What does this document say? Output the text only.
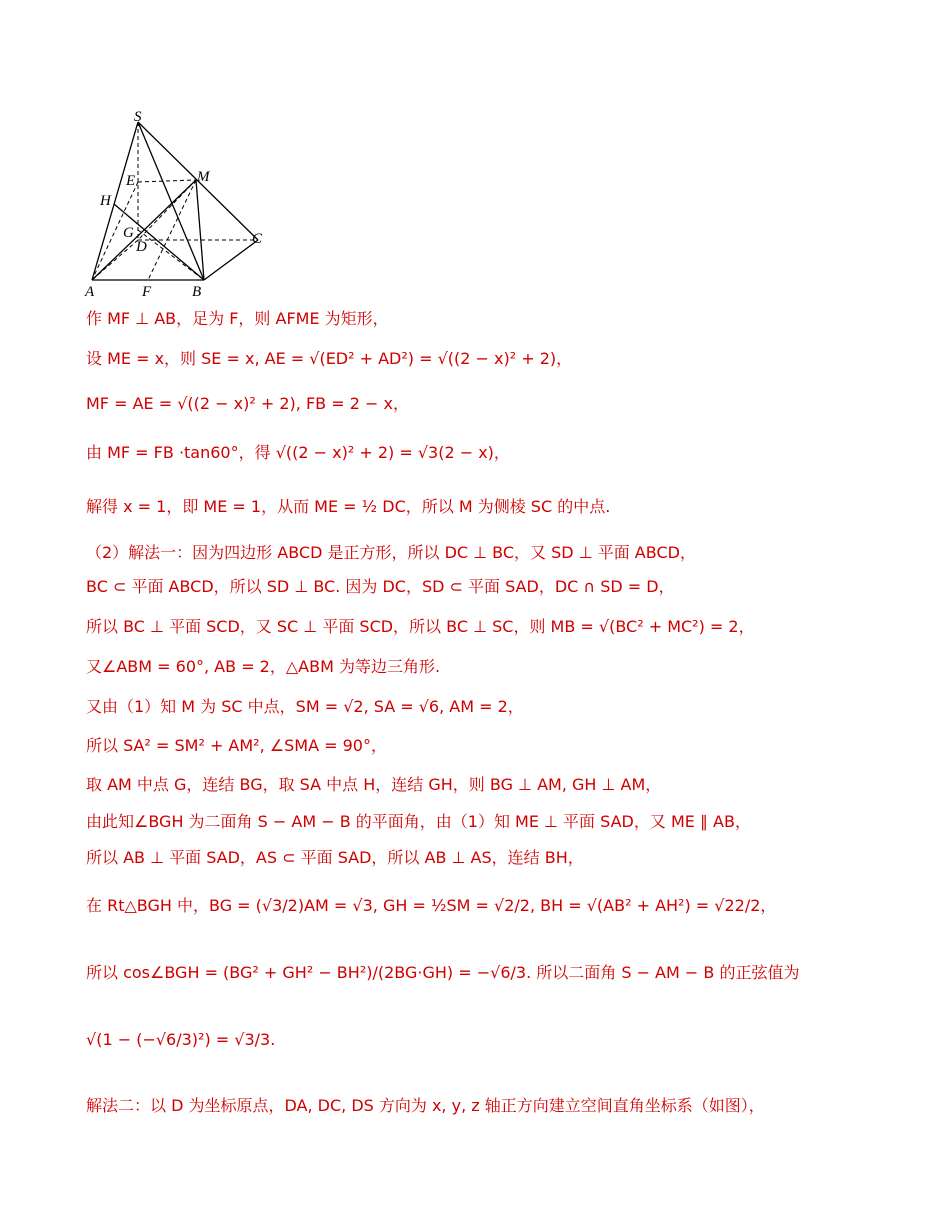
S
M
E
H
G
D	C
A	F	B
作 MF ⊥ AB，足为 F，则 AFME 为矩形，
设 ME = x，则 SE = x, AE = √(ED² + AD²) = √((2 − x)² + 2)，
MF = AE = √((2 − x)² + 2), FB = 2 − x，
由 MF = FB ·tan60°，得 √((2 − x)² + 2) = √3(2 − x)，
解得 x = 1，即 ME = 1，从而 ME = ½ DC，所以 M 为侧棱 SC 的中点.
（2）解法一：因为四边形 ABCD 是正方形，所以 DC ⊥ BC，又 SD ⊥ 平面 ABCD，
BC ⊂ 平面 ABCD，所以 SD ⊥ BC. 因为 DC，SD ⊂ 平面 SAD，DC ∩ SD = D，
所以 BC ⊥ 平面 SCD，又 SC ⊥ 平面 SCD，所以 BC ⊥ SC，则 MB = √(BC² + MC²) = 2，
又∠ABM = 60°, AB = 2，△ABM 为等边三角形.
又由（1）知 M 为 SC 中点，SM = √2, SA = √6, AM = 2，
所以 SA² = SM² + AM², ∠SMA = 90°，
取 AM 中点 G，连结 BG，取 SA 中点 H，连结 GH，则 BG ⊥ AM, GH ⊥ AM，
由此知∠BGH 为二面角 S − AM − B 的平面角，由（1）知 ME ⊥ 平面 SAD，又 ME ∥ AB，
所以 AB ⊥ 平面 SAD，AS ⊂ 平面 SAD，所以 AB ⊥ AS，连结 BH，
在 Rt△BGH 中，BG = (√3/2)AM = √3, GH = ½SM = √2/2, BH = √(AB² + AH²) = √22/2，
所以 cos∠BGH = (BG² + GH² − BH²)/(2BG·GH) = −√6/3. 所以二面角 S − AM − B 的正弦值为
√(1 − (−√6/3)²) = √3/3.
解法二：以 D 为坐标原点，DA, DC, DS 方向为 x, y, z 轴正方向建立空间直角坐标系（如图），
